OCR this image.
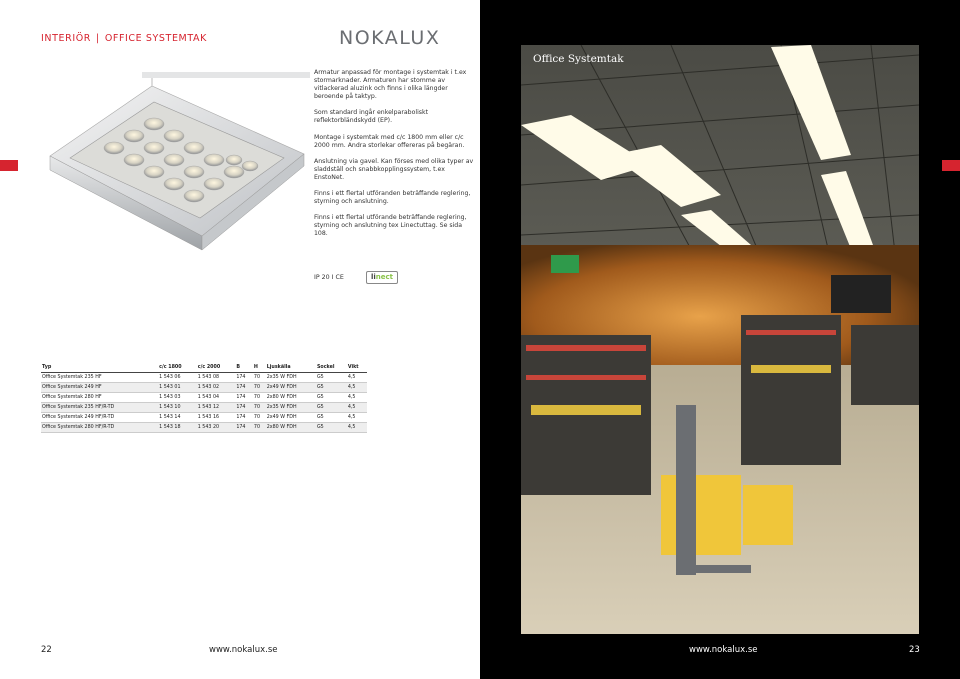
INTERIÖR | OFFICE SYSTEMTAK	NOKALUX

Armatur anpassad för montage i systemtak i t.ex stormarknader. Armaturen har stomme av vitlackerad aluzink och finns i olika längder beroende på taktyp.

Som standard ingår enkelparaboliskt reflektorbländskydd (EP).

Montage i systemtak med c/c 1800 mm eller c/c 2000 mm. Andra storlekar offereras på begäran.

Anslutning via gavel. Kan förses med olika typer av sladdställ och snabbkopplingssystem, t.ex EnstoNet.

Finns i ett flertal utföranden beträffande reglering, styrning och anslutning.

Finns i ett flertal utförande beträffande reglering, styrning och anslutning tex Linectuttag. Se sida 108.

IP 20 I CE	linect
Typ	c/c 1800	c/c 2000	B	H	Ljuskälla	Sockel	Vikt
Office Systemtak 235 HF	1 543 06	1 543 08	174	70	2x35 W FDH	G5	4,5
Office Systemtak 249 HF	1 543 01	1 543 02	174	70	2x49 W FDH	G5	4,5
Office Systemtak 280 HF	1 543 03	1 543 04	174	70	2x80 W FDH	G5	4,5
Office Systemtak 235 HF/R-TD	1 543 10	1 543 12	174	70	2x35 W FDH	G5	4,5
Office Systemtak 249 HF/R-TD	1 543 14	1 543 16	174	70	2x49 W FDH	G5	4,5
Office Systemtak 280 HF/R-TD	1 543 18	1 543 20	174	70	2x80 W FDH	G5	4,5
22	www.nokalux.se
Office Systemtak
www.nokalux.se	23
